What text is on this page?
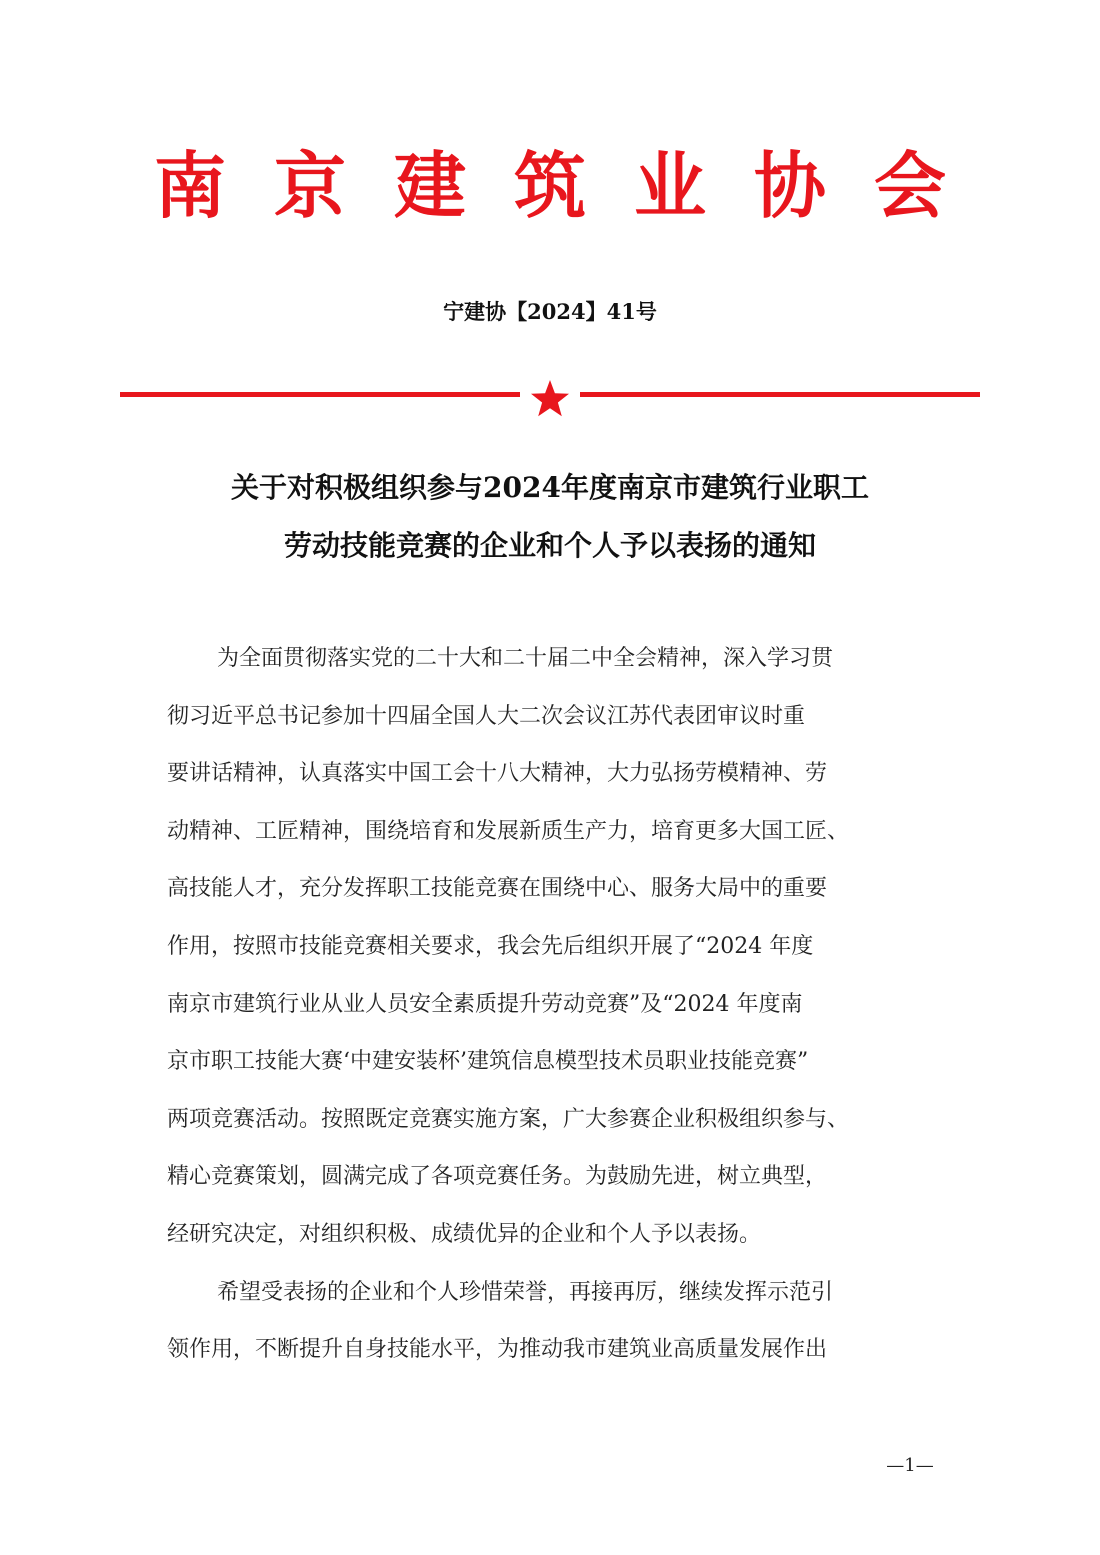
南京建筑业协会
宁建协【2024】41号
关于对积极组织参与2024年度南京市建筑行业职工
劳动技能竞赛的企业和个人予以表扬的通知
为全面贯彻落实党的二十大和二十届二中全会精神，深入学习贯
彻习近平总书记参加十四届全国人大二次会议江苏代表团审议时重
要讲话精神，认真落实中国工会十八大精神，大力弘扬劳模精神、劳
动精神、工匠精神，围绕培育和发展新质生产力，培育更多大国工匠、
高技能人才，充分发挥职工技能竞赛在围绕中心、服务大局中的重要
作用，按照市技能竞赛相关要求，我会先后组织开展了“2024 年度
南京市建筑行业从业人员安全素质提升劳动竞赛”及“2024 年度南
京市职工技能大赛‘中建安装杯’建筑信息模型技术员职业技能竞赛”
两项竞赛活动。按照既定竞赛实施方案，广大参赛企业积极组织参与、
精心竞赛策划，圆满完成了各项竞赛任务。为鼓励先进，树立典型，
经研究决定，对组织积极、成绩优异的企业和个人予以表扬。
希望受表扬的企业和个人珍惜荣誉，再接再厉，继续发挥示范引
领作用，不断提升自身技能水平，为推动我市建筑业高质量发展作出
—1—
